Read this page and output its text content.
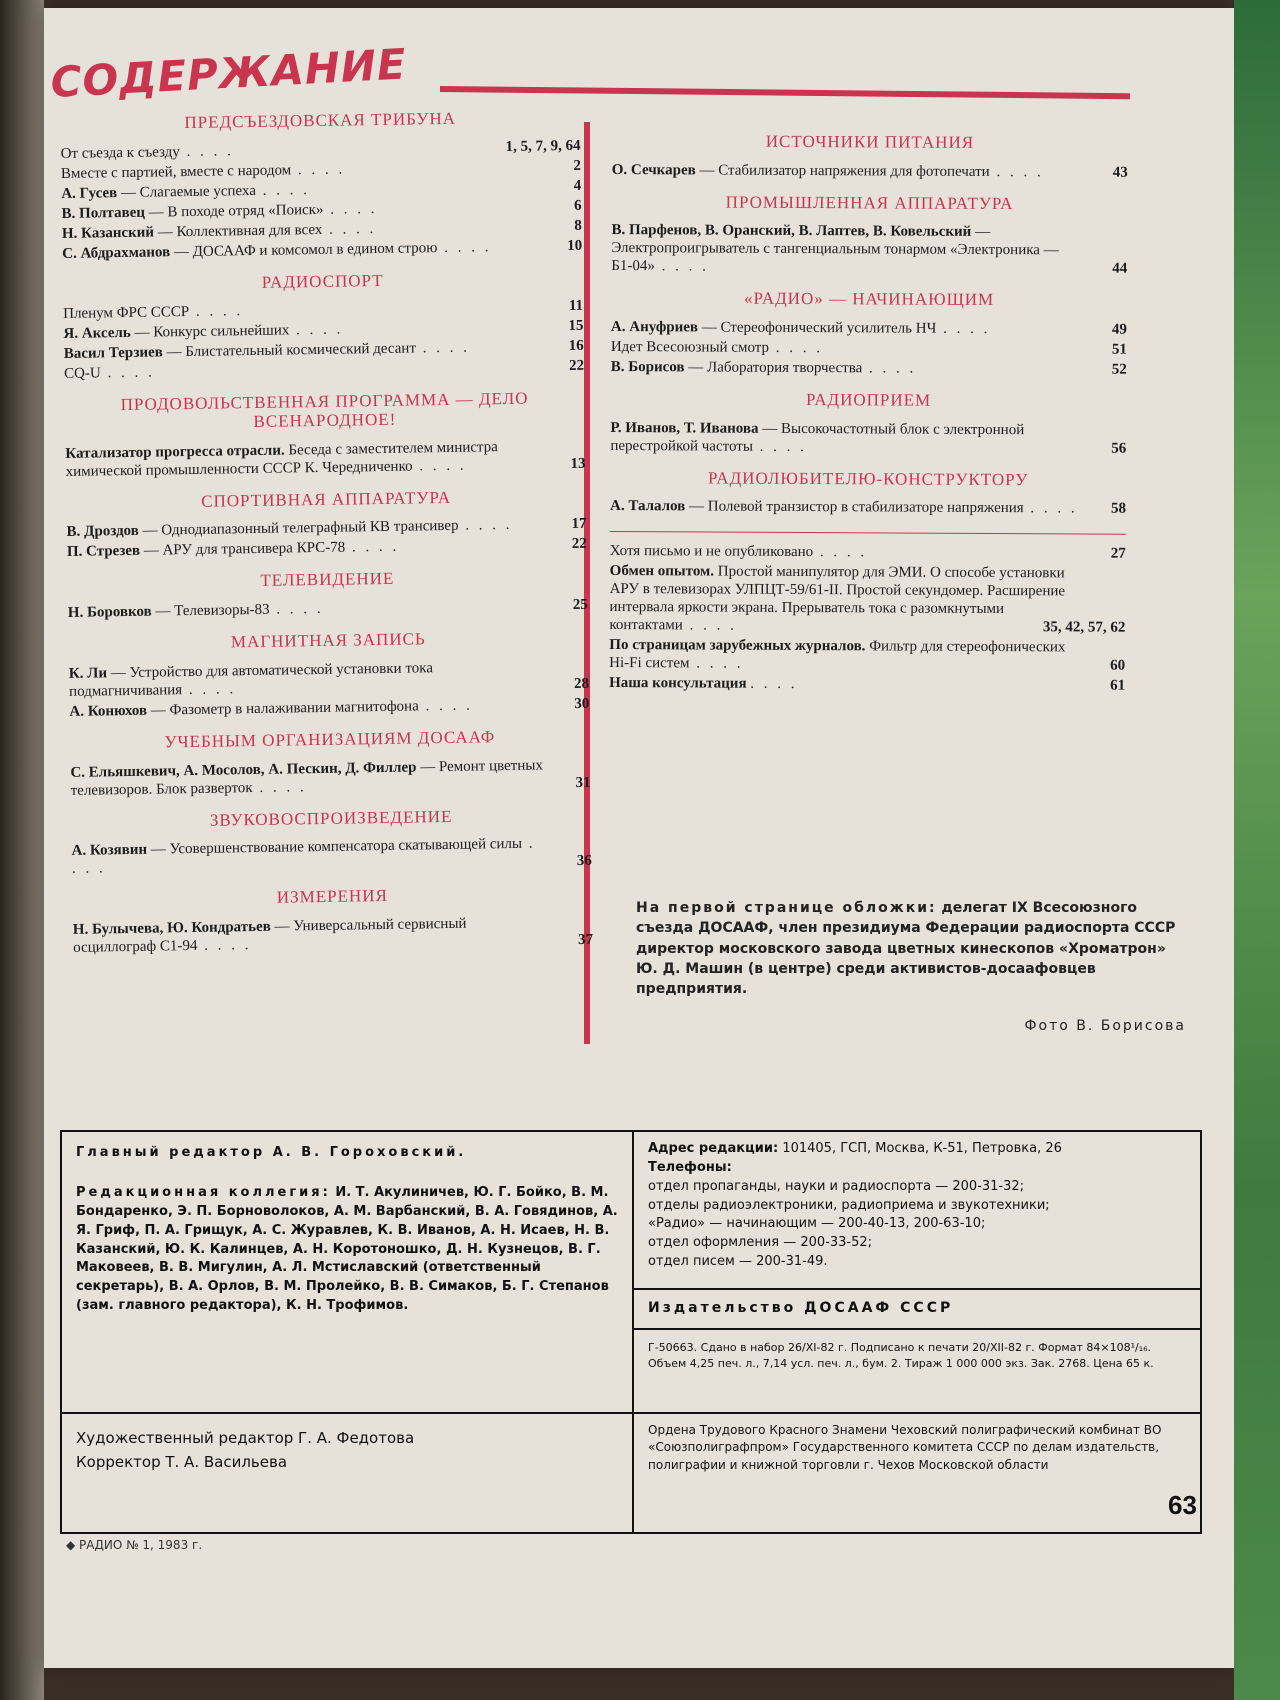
СОДЕРЖАНИЕ
ПРЕДСЪЕЗДОВСКАЯ ТРИБУНА
От съезда к съезду . . . .	1, 5, 7, 9, 64
Вместе с партией, вместе с народом . . . .	2
А. Гусев — Слагаемые успеха . . . .	4
В. Полтавец — В походе отряд «Поиск» . . . .	6
Н. Казанский — Коллективная для всех . . . .	8
С. Абдрахманов — ДОСААФ и комсомол в едином строю . . . .	10
РАДИОСПОРТ
Пленум ФРС СССР . . . .	11
Я. Аксель — Конкурс сильнейших . . . .	15
Васил Терзиев — Блистательный космический десант . . . .	16
CQ-U . . . .	22
ПРОДОВОЛЬСТВЕННАЯ ПРОГРАММА — ДЕЛО ВСЕНАРОДНОЕ!
Катализатор прогресса отрасли. Беседа с заместителем министра химической промышленности СССР К. Чередниченко . . . .	13
СПОРТИВНАЯ АППАРАТУРА
В. Дроздов — Однодиапазонный телеграфный КВ трансивер . . . .	17
П. Стрезев — АРУ для трансивера КРС-78 . . . .	22
ТЕЛЕВИДЕНИЕ
Н. Боровков — Телевизоры-83 . . . .	25
МАГНИТНАЯ ЗАПИСЬ
К. Ли — Устройство для автоматической установки тока подмагничивания . . . .	28
А. Конюхов — Фазометр в налаживании магнитофона . . . .	30
УЧЕБНЫМ ОРГАНИЗАЦИЯМ ДОСААФ
С. Ельяшкевич, А. Мосолов, А. Пескин, Д. Филлер — Ремонт цветных телевизоров. Блок разверток . . . .	31
ЗВУКОВОСПРОИЗВЕДЕНИЕ
А. Козявин — Усовершенствование компенсатора скатывающей силы . . . .	36
ИЗМЕРЕНИЯ
Н. Булычева, Ю. Кондратьев — Универсальный сервисный осциллограф С1-94 . . . .	37
ИСТОЧНИКИ ПИТАНИЯ
О. Сечкарев — Стабилизатор напряжения для фотопечати . . . .	43
ПРОМЫШЛЕННАЯ АППАРАТУРА
В. Парфенов, В. Оранский, В. Лаптев, В. Ковельский — Электропроигрыватель с тангенциальным тонармом «Электроника — Б1-04» . . . .	44
«РАДИО» — НАЧИНАЮЩИМ
А. Ануфриев — Стереофонический усилитель НЧ . . . .	49
Идет Всесоюзный смотр . . . .	51
В. Борисов — Лаборатория творчества . . . .	52
РАДИОПРИЕМ
Р. Иванов, Т. Иванова — Высокочастотный блок с электронной перестройкой частоты . . . .	56
РАДИОЛЮБИТЕЛЮ-КОНСТРУКТОРУ
А. Талалов — Полевой транзистор в стабилизаторе напряжения . . . . 58
Хотя письмо и не опубликовано . . . .	27
Обмен опытом. Простой манипулятор для ЭМИ. О способе установки АРУ в телевизорах УЛПЦТ-59/61-II. Простой секундомер. Расширение интервала яркости экрана. Прерыватель тока с разомкнутыми контактами . . . .	35, 42, 57, 62
По страницам зарубежных журналов. Фильтр для стереофонических Hi-Fi систем . . . .	60
Наша консультация . . . .	61
На первой странице обложки: делегат IX Всесоюзного съезда ДОСААФ, член президиума Федерации радиоспорта СССР директор московского завода цветных кинескопов «Хроматрон» Ю. Д. Машин (в центре) среди активистов-досаафовцев предприятия.
Фото В. Борисова
Главный редактор А. В. Гороховский.
Редакционная коллегия: И. Т. Акулиничев, Ю. Г. Бойко, В. М. Бондаренко, Э. П. Борноволоков, А. М. Варбанский, В. А. Говядинов, А. Я. Гриф, П. А. Грищук, А. С. Журавлев, К. В. Иванов, А. Н. Исаев, Н. В. Казанский, Ю. К. Калинцев, А. Н. Коротоношко, Д. Н. Кузнецов, В. Г. Маковеев, В. В. Мигулин, А. Л. Мстиславский (ответственный секретарь), В. А. Орлов, В. М. Пролейко, В. В. Симаков, Б. Г. Степанов (зам. главного редактора), К. Н. Трофимов.
Художественный редактор Г. А. Федотова
Корректор Т. А. Васильева
Адрес редакции: 101405, ГСП, Москва, К-51, Петровка, 26
Телефоны:
отдел пропаганды, науки и радиоспорта — 200-31-32;
отделы радиоэлектроники, радиоприема и звукотехники;
«Радио» — начинающим — 200-40-13, 200-63-10;
отдел оформления — 200-33-52;
отдел писем — 200-31-49.
Издательство ДОСААФ СССР
Г-50663. Сдано в набор 26/XI-82 г. Подписано к печати 20/XII-82 г. Формат 84×108¹/₁₆. Объем 4,25 печ. л., 7,14 усл. печ. л., бум. 2. Тираж 1 000 000 экз. Зак. 2768. Цена 65 к.
Ордена Трудового Красного Знамени Чеховский полиграфический комбинат ВО «Союзполиграфпром» Государственного комитета СССР по делам издательств, полиграфии и книжной торговли г. Чехов Московской области
◆ РАДИО № 1, 1983 г.
63
